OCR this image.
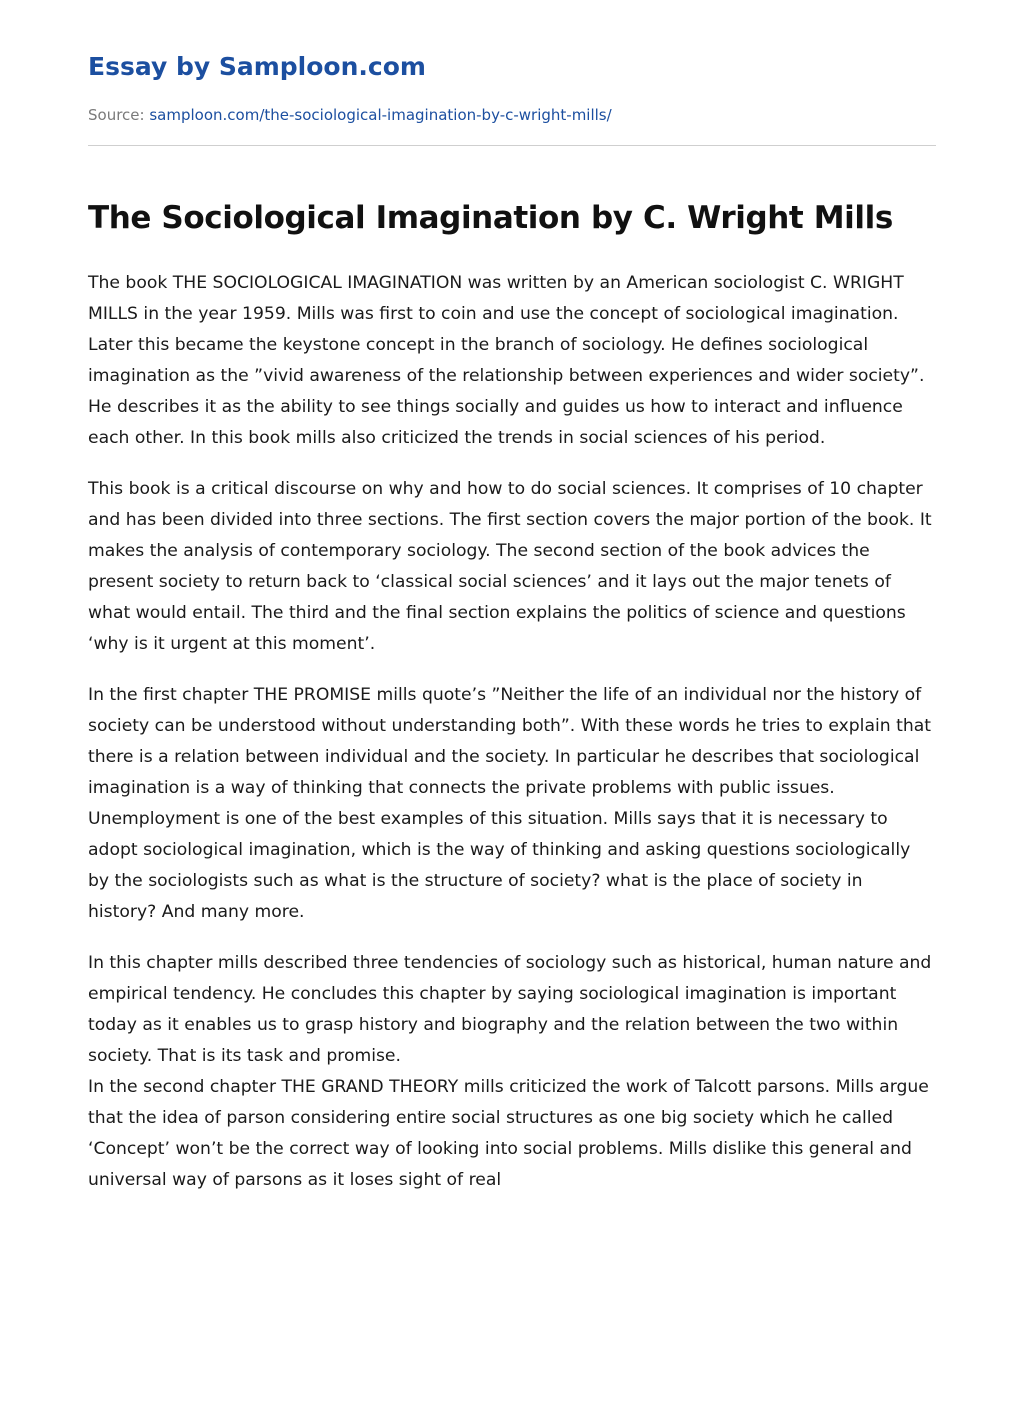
Essay by Samploon.com
Source: samploon.com/the-sociological-imagination-by-c-wright-mills/
The Sociological Imagination by C. Wright Mills

The book THE SOCIOLOGICAL IMAGINATION was written by an American sociologist C. WRIGHT MILLS in the year 1959. Mills was first to coin and use the concept of sociological imagination. Later this became the keystone concept in the branch of sociology. He defines sociological imagination as the ”vivid awareness of the relationship between experiences and wider society”. He describes it as the ability to see things socially and guides us how to interact and influence each other. In this book mills also criticized the trends in social sciences of his period.

This book is a critical discourse on why and how to do social sciences. It comprises of 10 chapter and has been divided into three sections. The first section covers the major portion of the book. It makes the analysis of contemporary sociology. The second section of the book advices the present society to return back to ‘classical social sciences’ and it lays out the major tenets of what would entail. The third and the final section explains the politics of science and questions ‘why is it urgent at this moment’.

In the first chapter THE PROMISE mills quote’s ”Neither the life of an individual nor the history of society can be understood without understanding both”. With these words he tries to explain that there is a relation between individual and the society. In particular he describes that sociological imagination is a way of thinking that connects the private problems with public issues. Unemployment is one of the best examples of this situation. Mills says that it is necessary to adopt sociological imagination, which is the way of thinking and asking questions sociologically by the sociologists such as what is the structure of society? what is the place of society in history? And many more.

In this chapter mills described three tendencies of sociology such as historical, human nature and empirical tendency. He concludes this chapter by saying sociological imagination is important today as it enables us to grasp history and biography and the relation between the two within society. That is its task and promise.

In the second chapter THE GRAND THEORY mills criticized the work of Talcott parsons. Mills argue that the idea of parson considering entire social structures as one big society which he called ‘Concept’ won’t be the correct way of looking into social problems. Mills dislike this general and universal way of parsons as it loses sight of real
